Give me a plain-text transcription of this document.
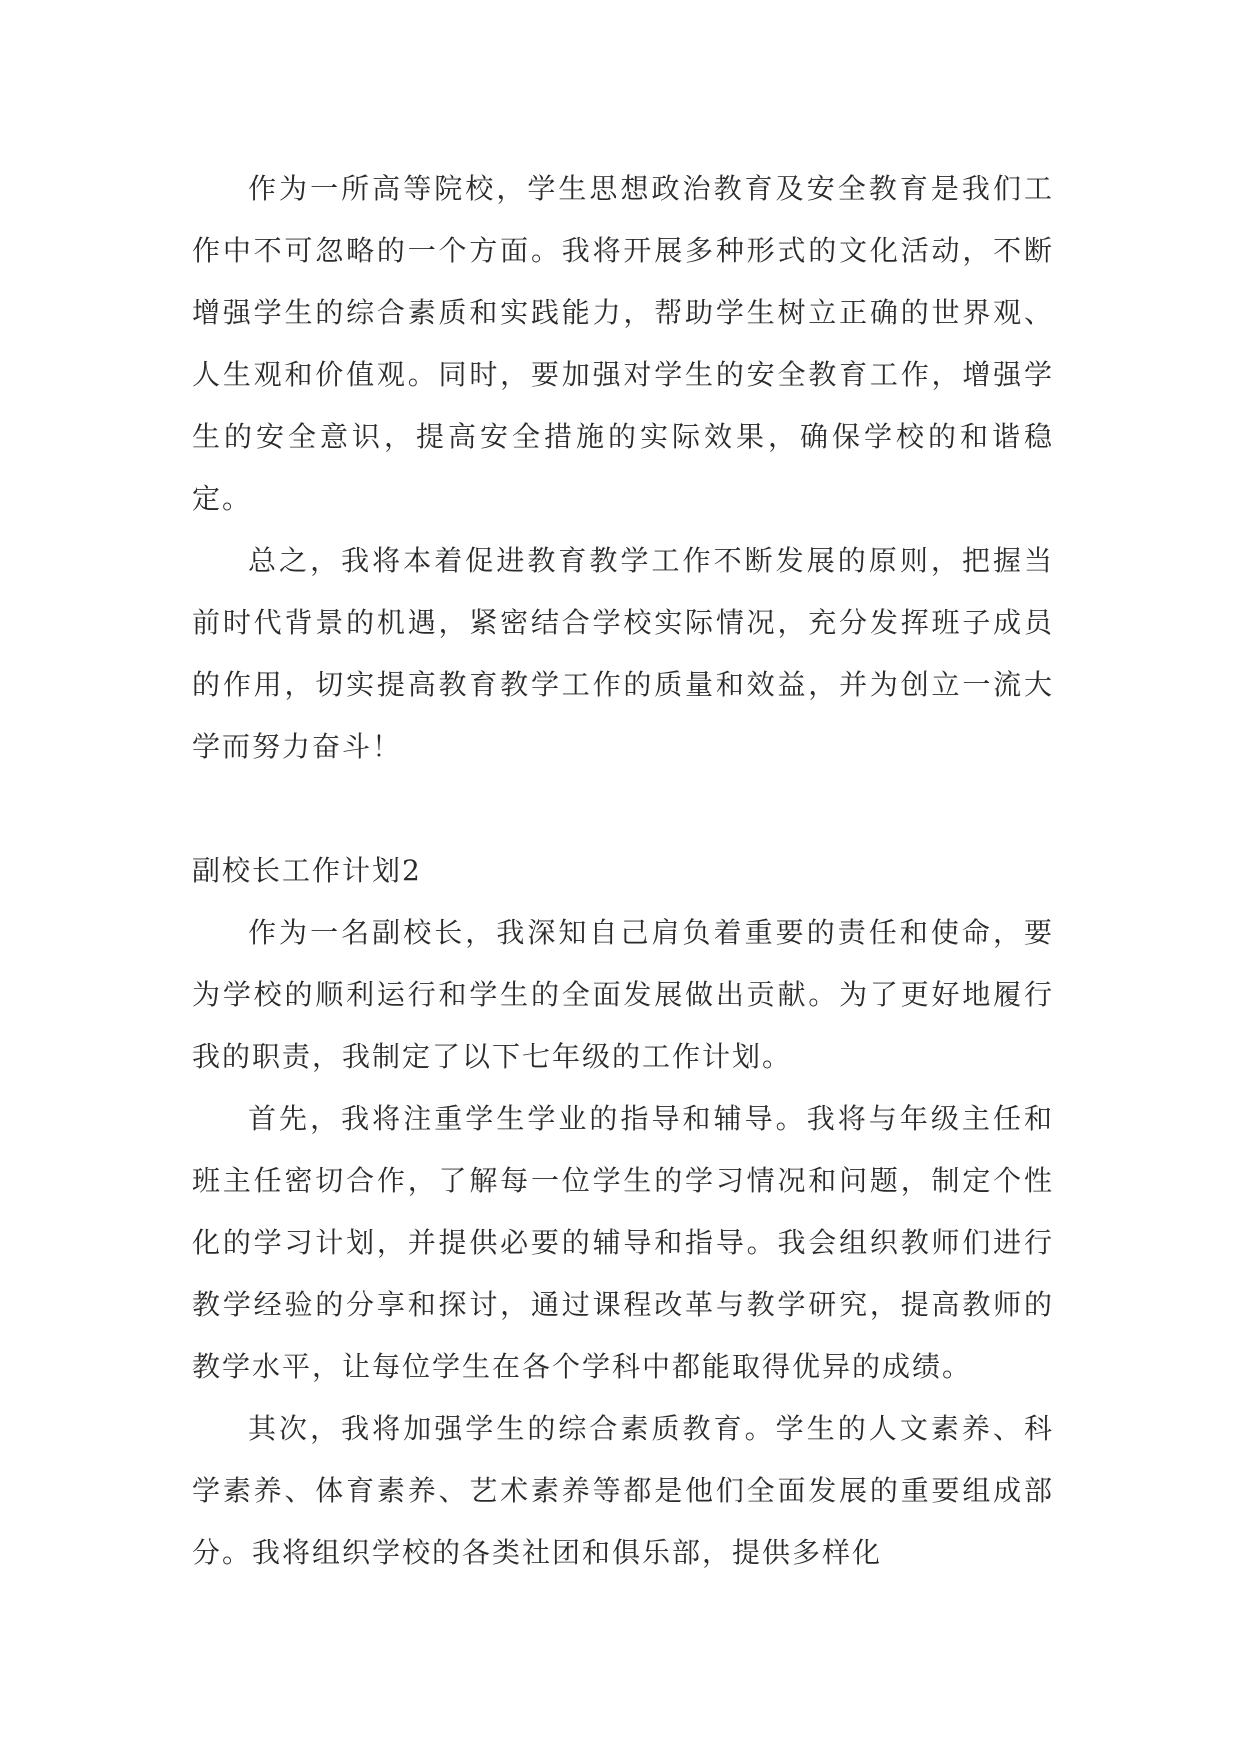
作为一所高等院校，学生思想政治教育及安全教育是我们工作中不可忽略的一个方面。我将开展多种形式的文化活动，不断增强学生的综合素质和实践能力，帮助学生树立正确的世界观、人生观和价值观。同时，要加强对学生的安全教育工作，增强学生的安全意识，提高安全措施的实际效果，确保学校的和谐稳定。

总之，我将本着促进教育教学工作不断发展的原则，把握当前时代背景的机遇，紧密结合学校实际情况，充分发挥班子成员的作用，切实提高教育教学工作的质量和效益，并为创立一流大学而努力奋斗！

副校长工作计划2

作为一名副校长，我深知自己肩负着重要的责任和使命，要为学校的顺利运行和学生的全面发展做出贡献。为了更好地履行我的职责，我制定了以下七年级的工作计划。

首先，我将注重学生学业的指导和辅导。我将与年级主任和班主任密切合作，了解每一位学生的学习情况和问题，制定个性化的学习计划，并提供必要的辅导和指导。我会组织教师们进行教学经验的分享和探讨，通过课程改革与教学研究，提高教师的教学水平，让每位学生在各个学科中都能取得优异的成绩。

其次，我将加强学生的综合素质教育。学生的人文素养、科学素养、体育素养、艺术素养等都是他们全面发展的重要组成部分。我将组织学校的各类社团和俱乐部，提供多样化
